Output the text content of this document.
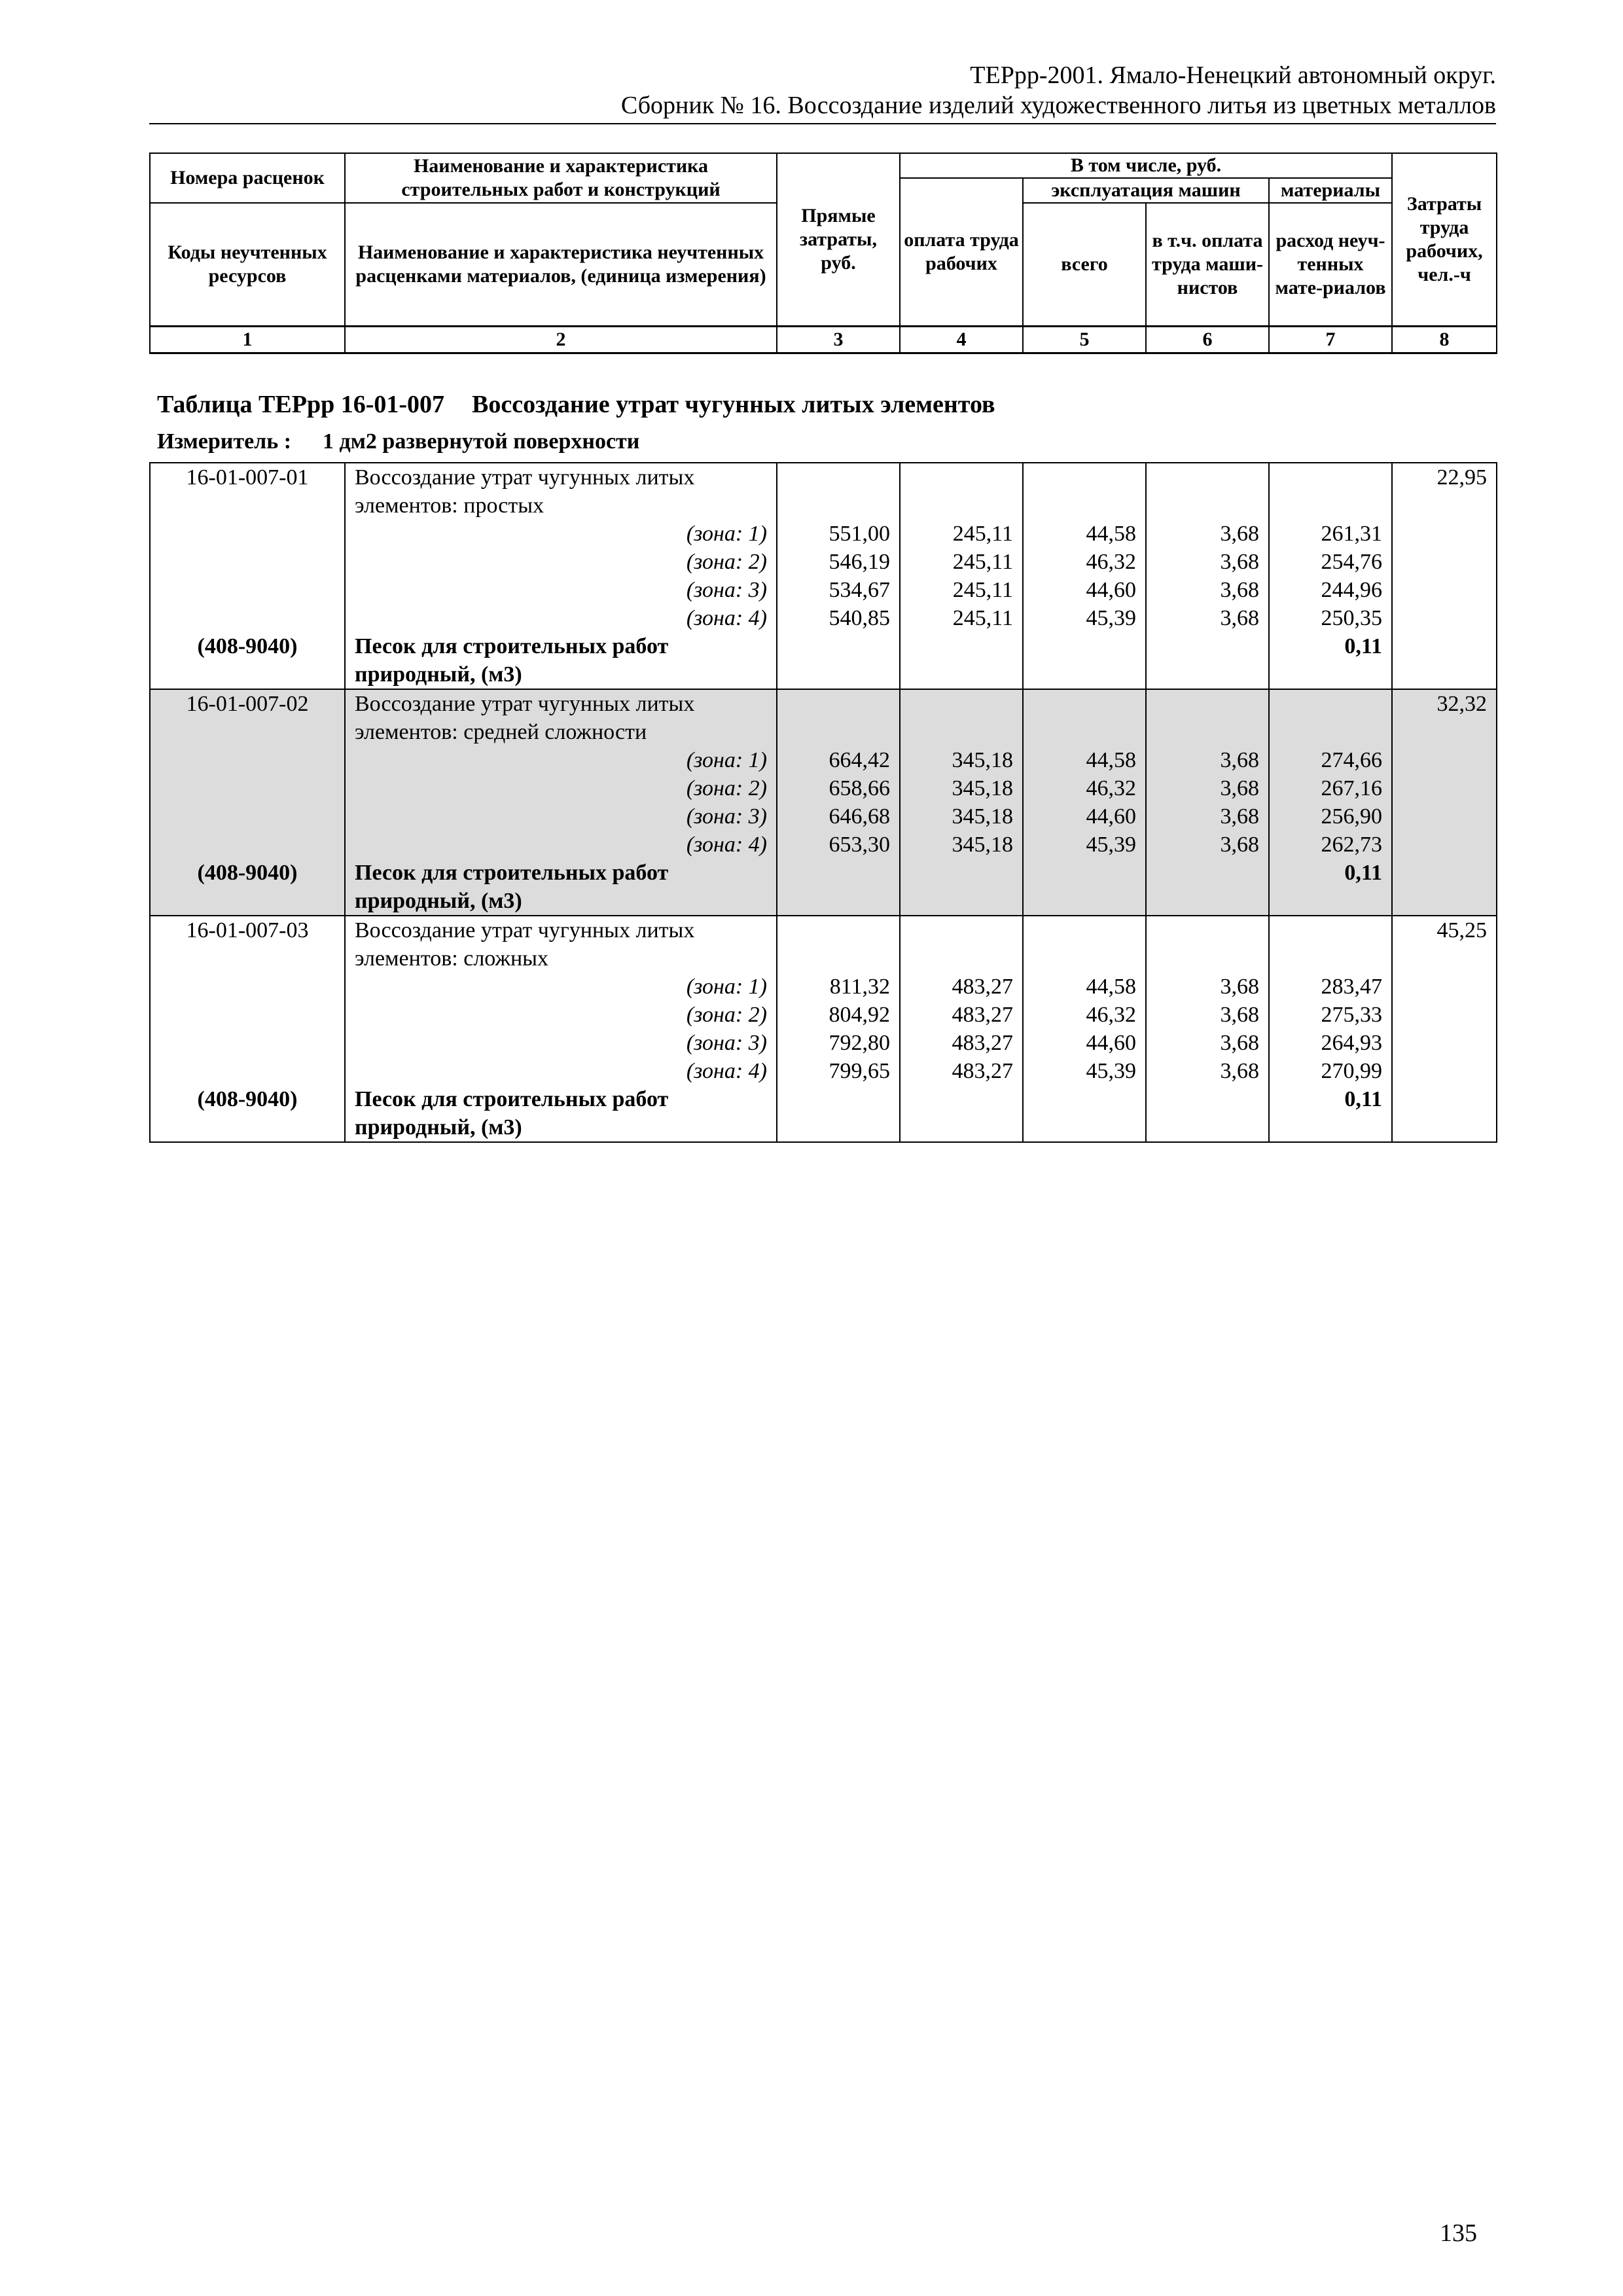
ТЕРрр-2001. Ямало-Ненецкий автономный округ.
Сборник № 16. Воссоздание изделий художественного литья из цветных металлов
Номера расценок	Наименование и характеристика строительных работ и конструкций	Прямые затраты, руб.	В том числе, руб.				Затраты труда рабочих, чел.-ч
			оплата труда рабочих	эксплуатация машин		материалы	
Коды неучтенных ресурсов	Наименование и характеристика неучтенных расценками материалов, (единица измерения)			всего	в т.ч. оплата труда маши-нистов	расход неуч-тенных мате-риалов	

1	2	3	4	5	6	7	8
Таблица ТЕРрр 16-01-007 Воссоздание утрат чугунных литых элементов
Измеритель : 1 дм2 развернутой поверхности
16-01-007-01	Воссоздание утрат чугунных литых элементов: простых						22,95
	(зона: 1)	551,00	245,11	44,58	3,68	261,31	
	(зона: 2)	546,19	245,11	46,32	3,68	254,76	
	(зона: 3)	534,67	245,11	44,60	3,68	244,96	
	(зона: 4)	540,85	245,11	45,39	3,68	250,35	
(408-9040)	Песок для строительных работ природный, (м3)					0,11	
16-01-007-02	Воссоздание утрат чугунных литых элементов: средней сложности						32,32
	(зона: 1)	664,42	345,18	44,58	3,68	274,66	
	(зона: 2)	658,66	345,18	46,32	3,68	267,16	
	(зона: 3)	646,68	345,18	44,60	3,68	256,90	
	(зона: 4)	653,30	345,18	45,39	3,68	262,73	
(408-9040)	Песок для строительных работ природный, (м3)					0,11	
16-01-007-03	Воссоздание утрат чугунных литых элементов: сложных						45,25
	(зона: 1)	811,32	483,27	44,58	3,68	283,47	
	(зона: 2)	804,92	483,27	46,32	3,68	275,33	
	(зона: 3)	792,80	483,27	44,60	3,68	264,93	
	(зона: 4)	799,65	483,27	45,39	3,68	270,99	
(408-9040)	Песок для строительных работ природный, (м3)					0,11	
135
